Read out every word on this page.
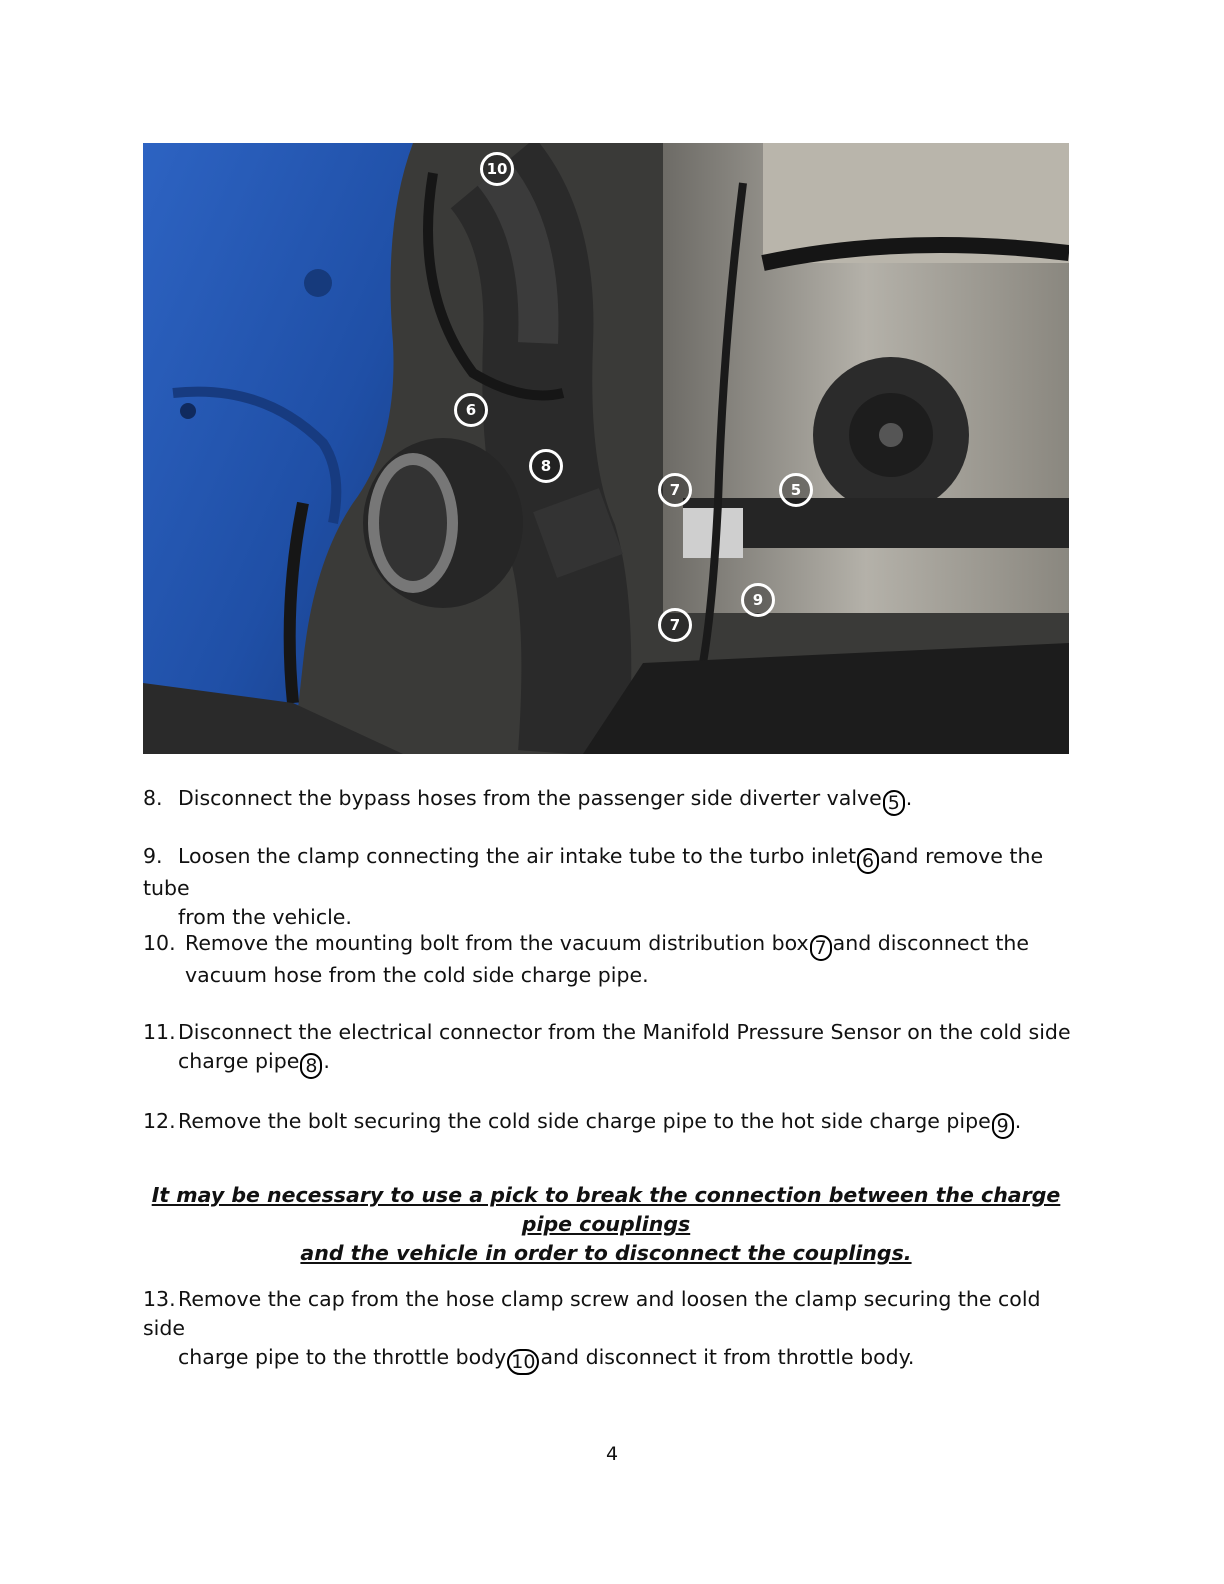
10
6
8
7	5
9
7
8. Disconnect the bypass hoses from the passenger side diverter valve 5 .
9. Loosen the clamp connecting the air intake tube to the turbo inlet 6 and remove the tube
from the vehicle.
10. Remove the mounting bolt from the vacuum distribution box 7 and disconnect the
vacuum hose from the cold side charge pipe.
11. Disconnect the electrical connector from the Manifold Pressure Sensor on the cold side
charge pipe 8 .
12. Remove the bolt securing the cold side charge pipe to the hot side charge pipe 9 .
It may be necessary to use a pick to break the connection between the charge pipe couplings
and the vehicle in order to disconnect the couplings.
13. Remove the cap from the hose clamp screw and loosen the clamp securing the cold side
charge pipe to the throttle body 10 and disconnect it from throttle body.
4
